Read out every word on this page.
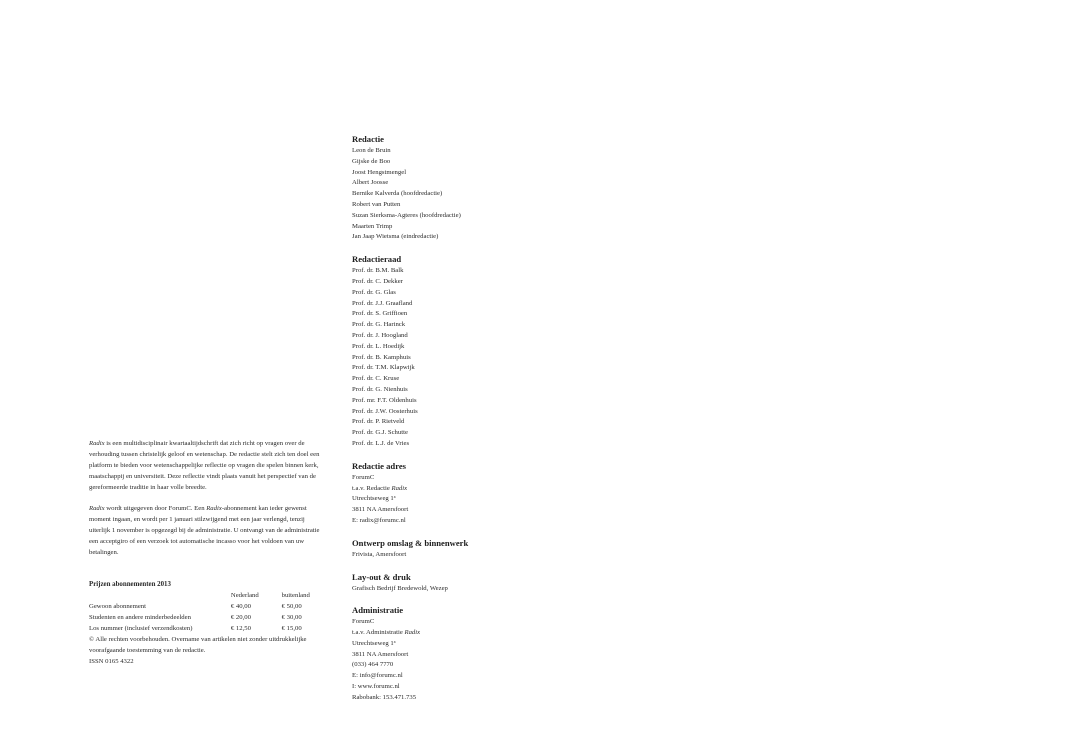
Radix is een multidisciplinair kwartaaltijdschrift dat zich richt op vragen over de verhouding tussen christelijk geloof en wetenschap. De redactie stelt zich ten doel een platform te bieden voor wetenschappelijke reflectie op vragen die spelen binnen kerk, maatschappij en universiteit. Deze reflectie vindt plaats vanuit het perspectief van de gereformeerde traditie in haar volle breedte.

Radix wordt uitgegeven door ForumC. Een Radix-abonnement kan ieder gewenst moment ingaan, en wordt per 1 januari stilzwijgend met een jaar verlengd, tenzij uiterlijk 1 november is opgezegd bij de administratie. U ontvangt van de administratie een acceptgiro of een verzoek tot automatische incasso voor het voldoen van uw betalingen.

Prijzen abonnementen 2013

	Nederland	buitenland
Gewoon abonnement	€ 40,00	€ 50,00
Studenten en andere minderbedeelden	€ 20,00	€ 30,00
Los nummer (inclusief verzendkosten)	€ 12,50	€ 15,00

© Alle rechten voorbehouden. Overname van artikelen niet zonder uitdrukkelijke voorafgaande toestemming van de redactie.

ISSN 0165 4322

Redactie
Leon de Bruin
Gijske de Boo
Joost Hengstmengel
Albert Joosse
Bernike Kalverda (hoofdredactie)
Robert van Putten
Suzan Sierksma-Agteres (hoofdredactie)
Maarten Trimp
Jan Jaap Wietsma (eindredactie)
Redactieraad
Prof. dr. B.M. Balk
Prof. dr. C. Dekker
Prof. dr. G. Glas
Prof. dr. J.J. Graafland
Prof. dr. S. Griffioen
Prof. dr. G. Harinck
Prof. dr. J. Hoogland
Prof. dr. L. Hoedijk
Prof. dr. B. Kamphuis
Prof. dr. T.M. Klapwijk
Prof. dr. C. Kruse
Prof. dr. G. Nienhuis
Prof. mr. F.T. Oldenhuis
Prof. dr. J.W. Oosterhuis
Prof. dr. P. Rietveld
Prof. dr. G.J. Schutte
Prof. dr. L.J. de Vries
Redactie adres
ForumC
t.a.v. Redactie Radix
Utrechtseweg 1ᵃ
3811 NA Amersfoort
E: radix@forumc.nl
Ontwerp omslag & binnenwerk
Frivista, Amersfoort
Lay-out & druk
Grafisch Bedrijf Bredewold, Wezep
Administratie
ForumC
t.a.v. Administratie Radix
Utrechtseweg 1ᵃ
3811 NA Amersfoort
(033) 464 7770
E: info@forumc.nl
I: www.forumc.nl
Rabobank: 153.471.735
